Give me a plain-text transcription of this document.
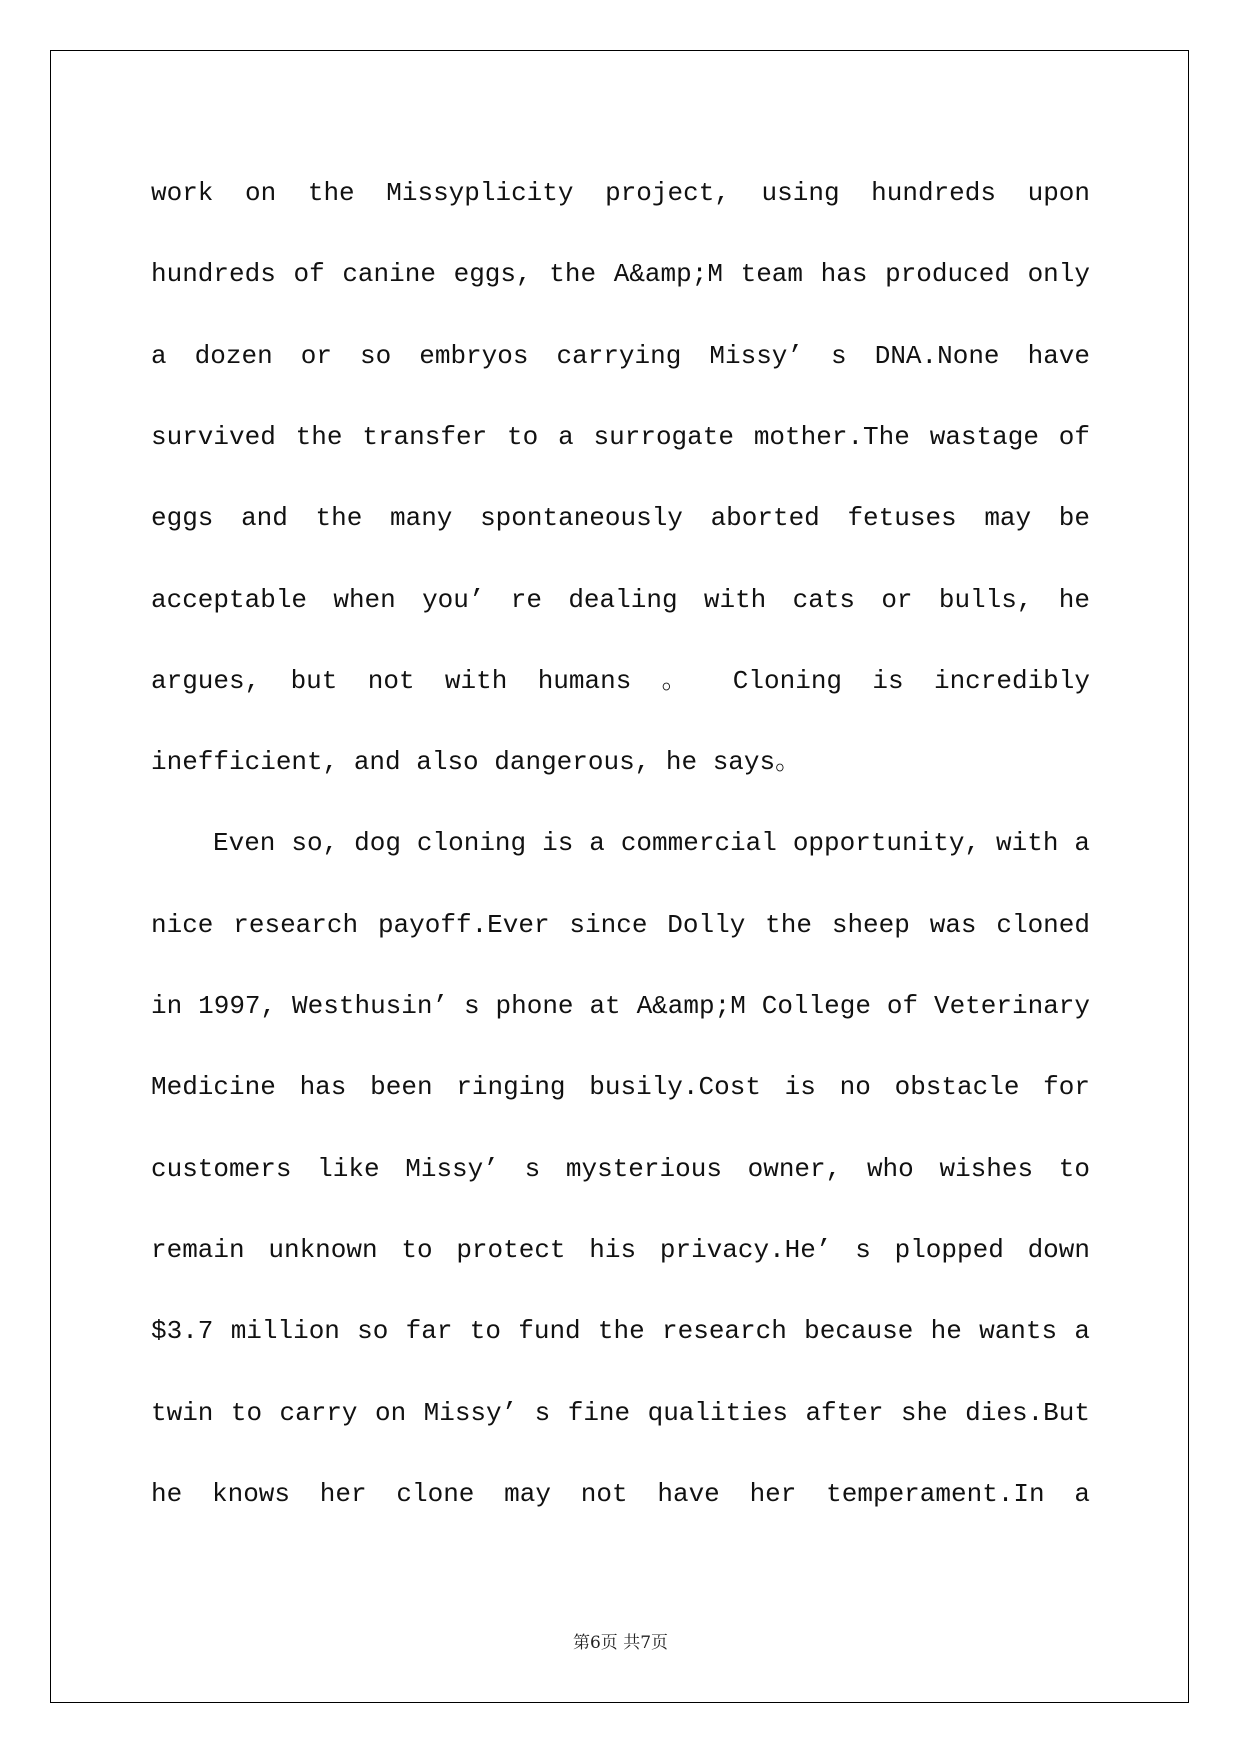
work on the Missyplicity project, using hundreds upon
hundreds of canine eggs, the A&amp;M team has produced only
a dozen or so embryos carrying Missy’ s DNA.None have
survived the transfer to a surrogate mother.The wastage of
eggs and the many spontaneously aborted fetuses may be
acceptable when you’ re dealing with cats or bulls, he
argues, but not with humans 。 Cloning is incredibly
inefficient, and also dangerous, he says。
Even so, dog cloning is a commercial opportunity, with a
nice research payoff.Ever since Dolly the sheep was cloned
in 1997, Westhusin’ s phone at A&amp;M College of Veterinary
Medicine has been ringing busily.Cost is no obstacle for
customers like Missy’ s mysterious owner, who wishes to
remain unknown to protect his privacy.He’ s plopped down
$3.7 million so far to fund the research because he wants a
twin to carry on Missy’ s fine qualities after she dies.But
he knows her clone may not have her temperament.In a
第6页 共7页
